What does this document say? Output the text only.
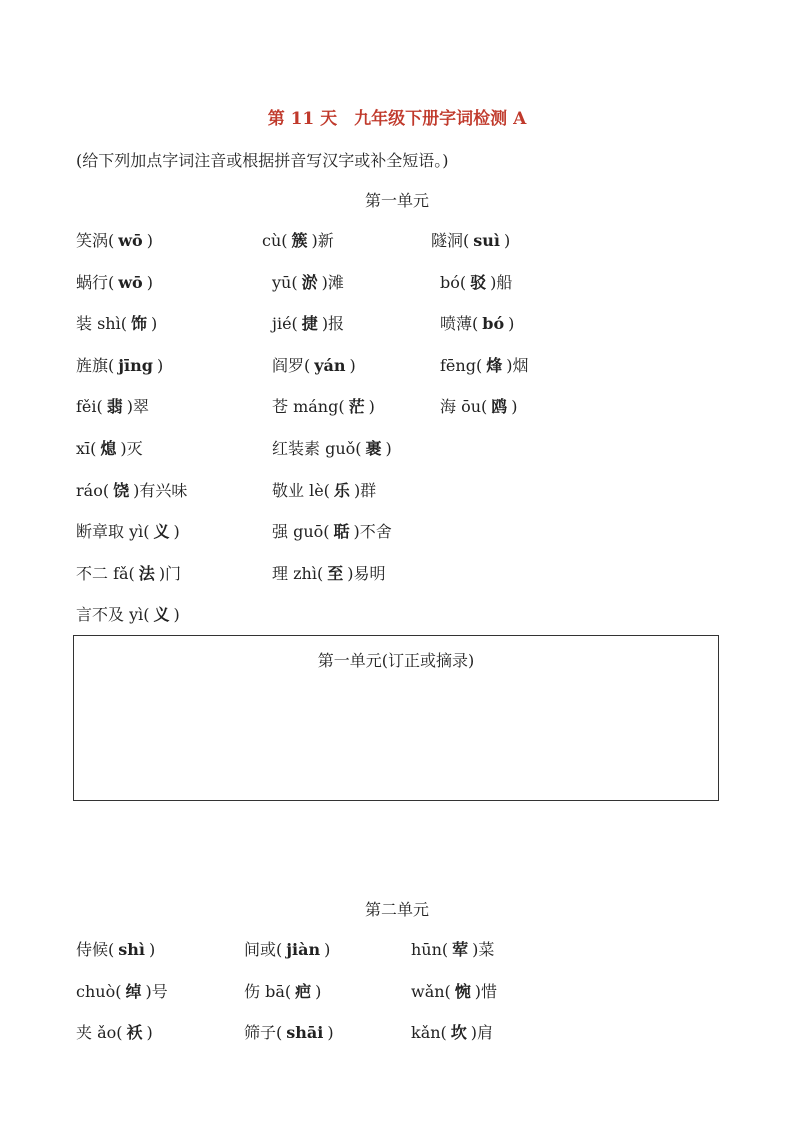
第 11 天　九年级下册字词检测 A
(给下列加点字词注音或根据拼音写汉字或补全短语。)
第一单元
笑涡( wō )	cù( 簇 )新	隧洞( suì )
蜗行( wō )	yū( 淤 )滩	bó( 驳 )船
装 shì( 饰 )	jié( 捷 )报	喷薄( bó )
旌旗( jīng )	阎罗( yán )	fēng( 烽 )烟
fěi( 翡 )翠	苍 máng( 茫 )	海 ōu( 鸥 )
xī( 熄 )灭	红装素 guǒ( 裹 )
ráo( 饶 )有兴味	敬业 lè( 乐 )群
断章取 yì( 义 )	强 guō( 聒 )不舍
不二 fǎ( 法 )门	理 zhì( 至 )易明
言不及 yì( 义 )
第一单元(订正或摘录)
第二单元
侍候( shì )	间或( jiàn )	hūn( 荤 )菜
chuò( 绰 )号	伤 bā( 疤 )	wǎn( 惋 )惜
夹 ǎo( 袄 )	筛子( shāi )	kǎn( 坎 )肩
